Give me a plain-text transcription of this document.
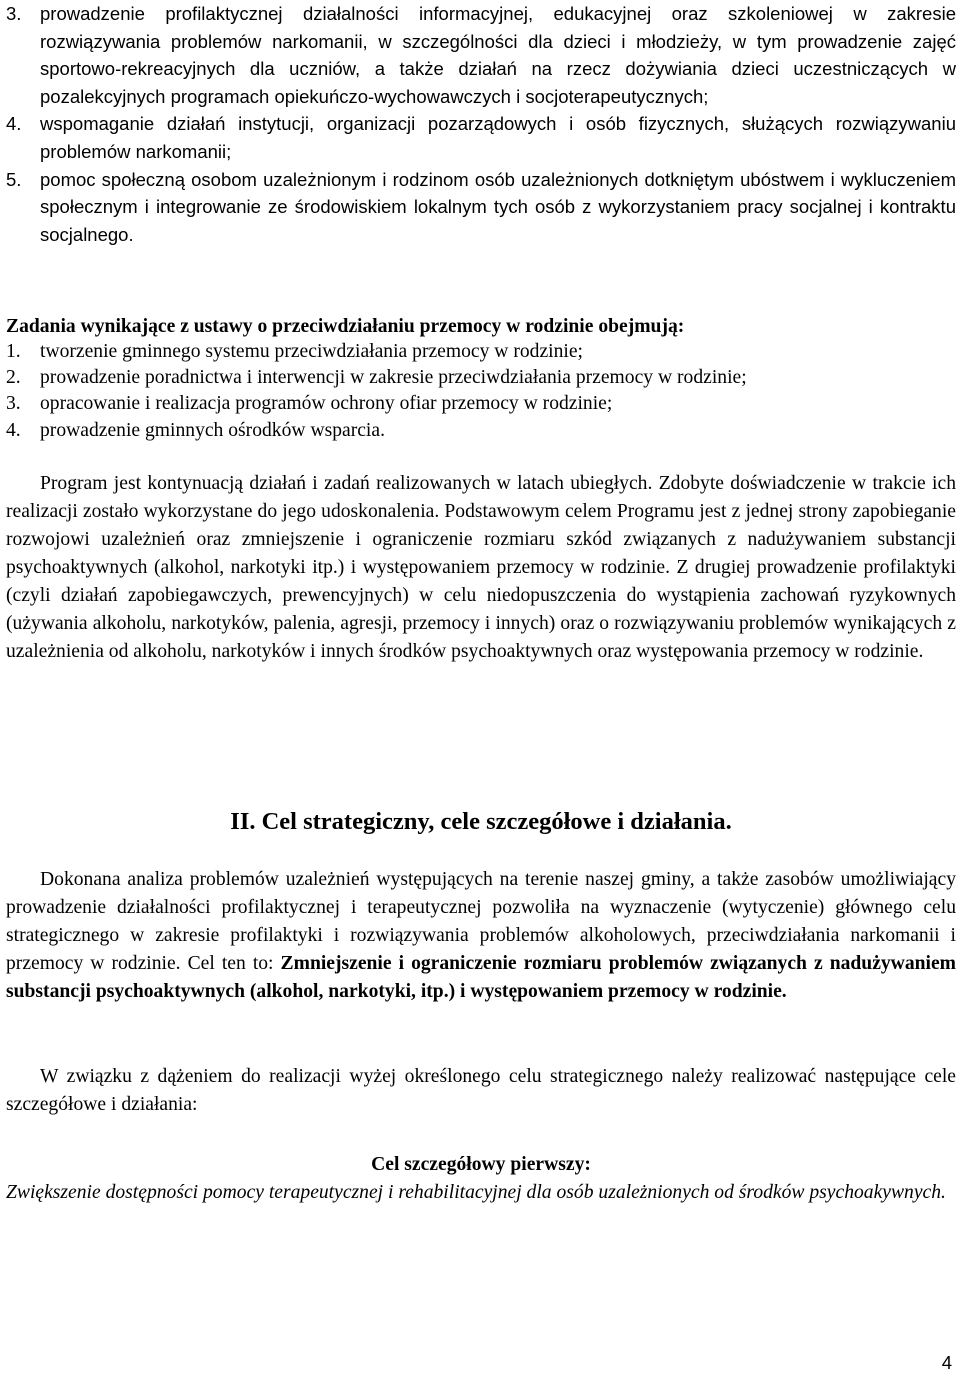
3. prowadzenie profilaktycznej działalności informacyjnej, edukacyjnej oraz szkoleniowej w zakresie rozwiązywania problemów narkomanii, w szczególności dla dzieci i młodzieży, w tym prowadzenie zajęć sportowo-rekreacyjnych dla uczniów, a także działań na rzecz dożywiania dzieci uczestniczących w pozalekcyjnych programach opiekuńczo-wychowawczych i socjoterapeutycznych;
4. wspomaganie działań instytucji, organizacji pozarządowych i osób fizycznych, służących rozwiązywaniu problemów narkomanii;
5. pomoc społeczną osobom uzależnionym i rodzinom osób uzależnionych dotkniętym ubóstwem i wykluczeniem społecznym i integrowanie ze środowiskiem lokalnym tych osób z wykorzystaniem pracy socjalnej i kontraktu socjalnego.

Zadania wynikające z ustawy o przeciwdziałaniu przemocy w rodzinie obejmują:

1. tworzenie gminnego systemu przeciwdziałania przemocy w rodzinie;
2. prowadzenie poradnictwa i interwencji w zakresie przeciwdziałania przemocy w rodzinie;
3. opracowanie i realizacja programów ochrony ofiar przemocy w rodzinie;
4. prowadzenie gminnych ośrodków wsparcia.

Program jest kontynuacją działań i zadań realizowanych w latach ubiegłych. Zdobyte doświadczenie w trakcie ich realizacji zostało wykorzystane do jego udoskonalenia. Podstawowym celem Programu jest z jednej strony zapobieganie rozwojowi uzależnień oraz zmniejszenie i ograniczenie rozmiaru szkód związanych z nadużywaniem substancji psychoaktywnych (alkohol, narkotyki itp.) i występowaniem przemocy w rodzinie. Z drugiej prowadzenie profilaktyki (czyli działań zapobiegawczych, prewencyjnych) w celu niedopuszczenia do wystąpienia zachowań ryzykownych (używania alkoholu, narkotyków, palenia, agresji, przemocy i innych) oraz o rozwiązywaniu problemów wynikających z uzależnienia od alkoholu, narkotyków i innych środków psychoaktywnych oraz występowania przemocy w rodzinie.

II. Cel strategiczny, cele szczegółowe i działania.

Dokonana analiza problemów uzależnień występujących na terenie naszej gminy, a także zasobów umożliwiający prowadzenie działalności profilaktycznej i terapeutycznej pozwoliła na wyznaczenie (wytyczenie) głównego celu strategicznego w zakresie profilaktyki i rozwiązywania problemów alkoholowych, przeciwdziałania narkomanii i przemocy w rodzinie. Cel ten to: Zmniejszenie i ograniczenie rozmiaru problemów związanych z nadużywaniem substancji psychoaktywnych (alkohol, narkotyki, itp.) i występowaniem przemocy w rodzinie.

W związku z dążeniem do realizacji wyżej określonego celu strategicznego należy realizować następujące cele szczegółowe i działania:

Cel szczegółowy pierwszy:

Zwiększenie dostępności pomocy terapeutycznej i rehabilitacyjnej dla osób uzależnionych od środków psychoakywnych.

4
